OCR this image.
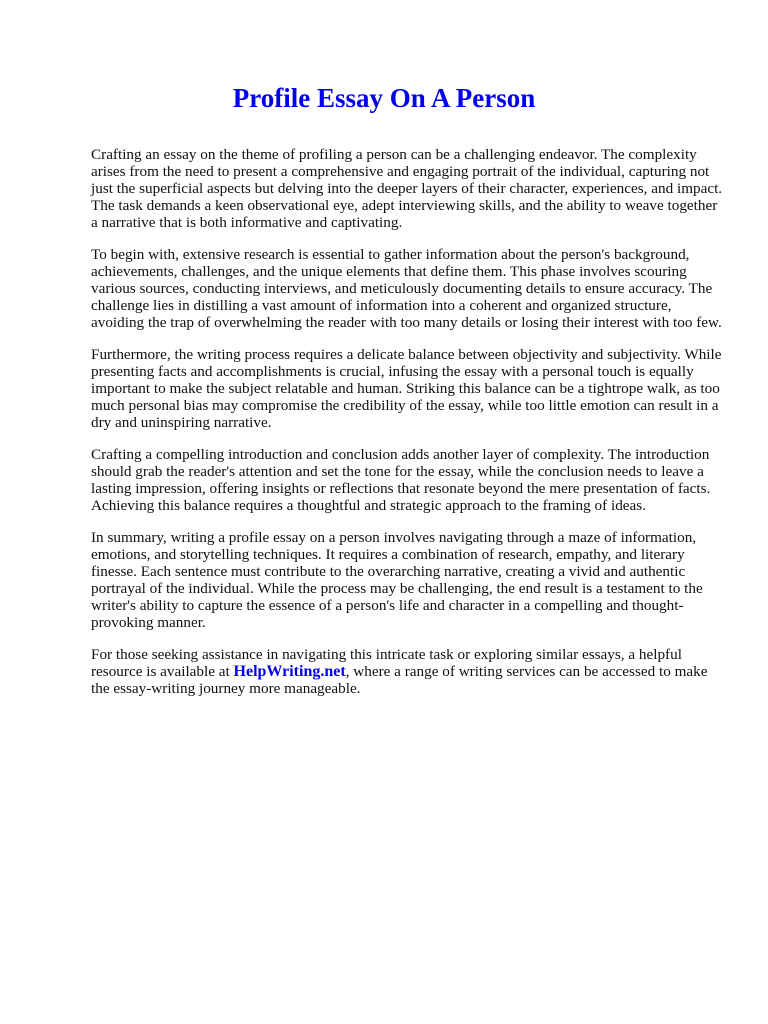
Profile Essay On A Person

Crafting an essay on the theme of profiling a person can be a challenging endeavor. The complexity arises from the need to present a comprehensive and engaging portrait of the individual, capturing not just the superficial aspects but delving into the deeper layers of their character, experiences, and impact. The task demands a keen observational eye, adept interviewing skills, and the ability to weave together a narrative that is both informative and captivating.

To begin with, extensive research is essential to gather information about the person's background, achievements, challenges, and the unique elements that define them. This phase involves scouring various sources, conducting interviews, and meticulously documenting details to ensure accuracy. The challenge lies in distilling a vast amount of information into a coherent and organized structure, avoiding the trap of overwhelming the reader with too many details or losing their interest with too few.

Furthermore, the writing process requires a delicate balance between objectivity and subjectivity. While presenting facts and accomplishments is crucial, infusing the essay with a personal touch is equally important to make the subject relatable and human. Striking this balance can be a tightrope walk, as too much personal bias may compromise the credibility of the essay, while too little emotion can result in a dry and uninspiring narrative.

Crafting a compelling introduction and conclusion adds another layer of complexity. The introduction should grab the reader's attention and set the tone for the essay, while the conclusion needs to leave a lasting impression, offering insights or reflections that resonate beyond the mere presentation of facts. Achieving this balance requires a thoughtful and strategic approach to the framing of ideas.

In summary, writing a profile essay on a person involves navigating through a maze of information, emotions, and storytelling techniques. It requires a combination of research, empathy, and literary finesse. Each sentence must contribute to the overarching narrative, creating a vivid and authentic portrayal of the individual. While the process may be challenging, the end result is a testament to the writer's ability to capture the essence of a person's life and character in a compelling and thought-provoking manner.

For those seeking assistance in navigating this intricate task or exploring similar essays, a helpful resource is available at HelpWriting.net, where a range of writing services can be accessed to make the essay-writing journey more manageable.
